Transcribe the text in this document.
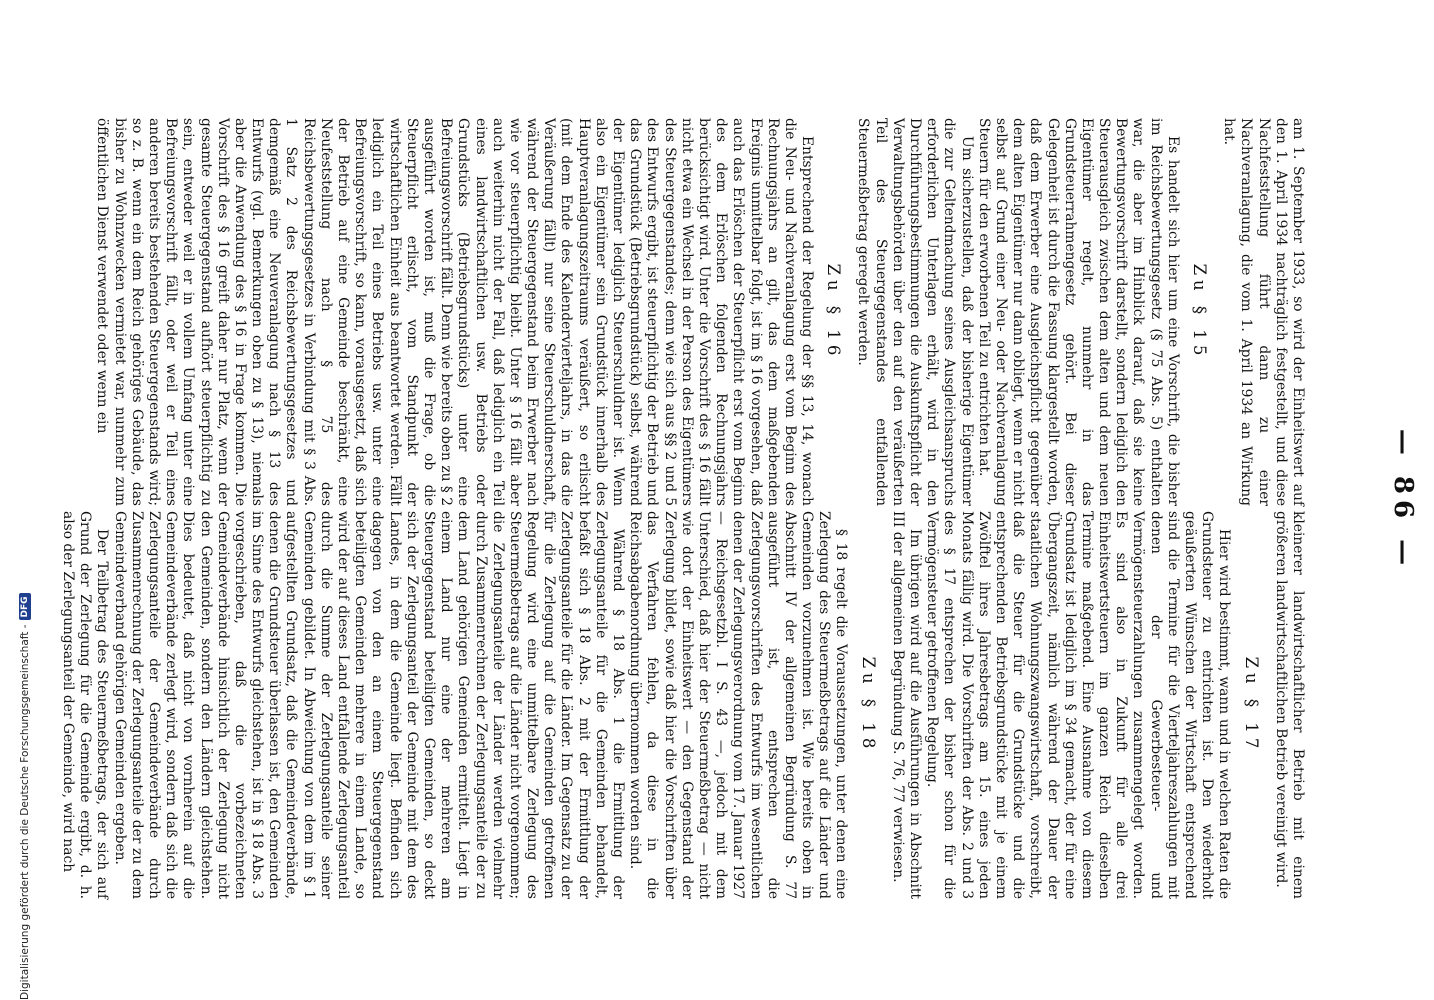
— 86 —

am 1. September 1933, so wird der Einheitswert auf den 1. April 1934 nachträglich festgestellt, und diese Nachfeststellung führt dann zu einer Nachveranlagung, die vom 1. April 1934 an Wirkung hat.

Zu § 15

Es handelt sich hier um eine Vorschrift, die bisher im Reichsbewertungsgesetz (§ 75 Abs. 5) enthalten war, die aber im Hinblick darauf, daß sie keine Bewertungsvorschrift darstellt, sondern lediglich den Steuerausgleich zwischen dem alten und dem neuen Eigentümer regelt, nunmehr in das Grundsteuerrahmengesetz gehört. Bei dieser Gelegenheit ist durch die Fassung klargestellt worden, daß dem Erwerber eine Ausgleichspflicht gegenüber dem alten Eigentümer nur dann obliegt, wenn er nicht selbst auf Grund einer Neu- oder Nachveranlagung Steuern für den erworbenen Teil zu entrichten hat.

Um sicherzustellen, daß der bisherige Eigentümer die zur Geltendmachung seines Ausgleichsanspruchs erforderlichen Unterlagen erhält, wird in den Durchführungsbestimmungen die Auskunftspflicht der Verwaltungsbehörden über den auf den veräußerten Teil des Steuergegenstandes entfallenden Steuermeßbetrag geregelt werden.

Zu § 16

Entsprechend der Regelung der §§ 13, 14, wonach die Neu- und Nachveranlagung erst vom Beginn des Rechnungsjahrs an gilt, das dem maßgebenden Ereignis unmittelbar folgt, ist im § 16 vorgesehen, daß auch das Erlöschen der Steuerpflicht erst vom Beginn des dem Erlöschen folgenden Rechnungsjahrs berücksichtigt wird. Unter die Vorschrift des § 16 fällt nicht etwa ein Wechsel in der Person des Eigentümers des Steuergegenstandes; denn wie sich aus §§ 2 und 5 des Entwurfs ergibt, ist steuerpflichtig der Betrieb und das Grundstück (Betriebsgrundstück) selbst, während der Eigentümer lediglich Steuerschuldner ist. Wenn also ein Eigentümer sein Grundstück innerhalb des Hauptveranlagungszeitraums veräußert, so erlischt (mit dem Ende des Kalendervierteljahrs, in das die Veräußerung fällt) nur seine Steuerschuldnerschaft, während der Steuergegenstand beim Erwerber nach wie vor steuerpflichtig bleibt. Unter § 16 fällt aber auch weiterhin nicht der Fall, daß lediglich ein Teil eines landwirtschaftlichen usw. Betriebs oder Grundstücks (Betriebsgrundstücks) unter eine Befreiungsvorschrift fällt. Denn wie bereits oben zu § 2 ausgeführt worden ist, muß die Frage, ob die Steuerpflicht erlischt, vom Standpunkt der wirtschaftlichen Einheit aus beantwortet werden. Fällt lediglich ein Teil eines Betriebs usw. unter eine Befreiungsvorschrift, so kann, vorausgesetzt, daß sich der Betrieb auf eine Gemeinde beschränkt, eine Neufeststellung nach § 75 des Reichsbewertungsgesetzes in Verbindung mit § 3 Abs. 1 Satz 2 des Reichsbewertungsgesetzes und demgemäß eine Neuveranlagung nach § 13 des Entwurfs (vgl. Bemerkungen oben zu § 13), niemals aber die Anwendung des § 16 in Frage kommen. Die Vorschrift des § 16 greift daher nur Platz, wenn der gesamte Steuergegenstand aufhört steuerpflichtig zu sein, entweder weil er in vollem Umfang unter eine Befreiungsvorschrift fällt, oder weil er Teil eines anderen bereits bestehenden Steuergegenstands wird; so z. B. wenn ein dem Reich gehöriges Gebäude, das bisher zu Wohnzwecken vermietet war, nunmehr zum öffentlichen Dienst verwendet oder wenn ein

kleinerer landwirtschaftlicher Betrieb mit einem größeren landwirtschaftlichen Betrieb vereinigt wird.

Zu § 17

Hier wird bestimmt, wann und in welchen Raten die Grundsteuer zu entrichten ist. Den wiederholt geäußerten Wünschen der Wirtschaft entsprechend sind die Termine für die Vierteljahreszahlungen mit denen der Gewerbesteuer- und Vermögensteuerzahlungen zusammengelegt worden. Es sind also in Zukunft für alle drei Einheitswertsteuern im ganzen Reich dieselben Termine maßgebend. Eine Ausnahme von diesem Grundsatz ist lediglich im § 34 gemacht, der für eine Übergangszeit, nämlich während der Dauer der staatlichen Wohnungszwangswirtschaft, vorschreibt, daß die Steuer für die Grundstücke und die entsprechenden Betriebsgrundstücke mit je einem Zwölftel ihres Jahresbetrags am 15. eines jeden Monats fällig wird. Die Vorschriften der Abs. 2 und 3 des § 17 entsprechen der bisher schon für die Vermögensteuer getroffenen Regelung.

Im übrigen wird auf die Ausführungen in Abschnitt III der allgemeinen Begründung S. 76, 77 verwiesen.

Zu § 18

§ 18 regelt die Voraussetzungen, unter denen eine Zerlegung des Steuermeßbetrags auf die Länder und Gemeinden vorzunehmen ist. Wie bereits oben in Abschnitt IV der allgemeinen Begründung S. 77 ausgeführt ist, entsprechen die Zerlegungsvorschriften des Entwurfs im wesentlichen denen der Zerlegungsverordnung vom 17. Januar 1927 — Reichsgesetzbl. I S. 43 —, jedoch mit dem Unterschied, daß hier der Steuermeßbetrag — nicht wie dort der Einheitswert — den Gegenstand der Zerlegung bildet, sowie daß hier die Vorschriften über das Verfahren fehlen, da diese in die Reichsabgabenordnung übernommen worden sind.

Während § 18 Abs. 1 die Ermittlung der Zerlegungsanteile für die Gemeinden behandelt, befaßt sich § 18 Abs. 2 mit der Ermittlung der Zerlegungsanteile für die Länder. Im Gegensatz zu der für die Zerlegung auf die Gemeinden getroffenen Regelung wird eine unmittelbare Zerlegung des Steuermeßbetrags auf die Länder nicht vorgenommen; die Zerlegungsanteile der Länder werden vielmehr durch Zusammenrechnen der Zerlegungsanteile der zu dem Land gehörigen Gemeinden ermittelt. Liegt in einem Land nur eine der mehreren am Steuergegenstand beteiligten Gemeinden, so deckt sich der Zerlegungsanteil der Gemeinde mit dem des Landes, in dem die Gemeinde liegt. Befinden sich dagegen von den an einem Steuergegenstand beteiligten Gemeinden mehrere in einem Lande, so wird der auf dieses Land entfallende Zerlegungsanteil durch die Summe der Zerlegungsanteile seiner Gemeinden gebildet. In Abweichung von dem im § 1 aufgestellten Grundsatz, daß die Gemeindeverbände, denen die Grundsteuer überlassen ist, den Gemeinden im Sinne des Entwurfs gleichstehen, ist in § 18 Abs. 3 vorgeschrieben, daß die vorbezeichneten Gemeindeverbände hinsichtlich der Zerlegung nicht den Gemeinden, sondern den Ländern gleichstehen. Dies bedeutet, daß nicht von vornherein auf die Gemeindeverbände zerlegt wird, sondern daß sich die Zerlegungsanteile der Gemeindeverbände durch Zusammenrechnung der Zerlegungsanteile der zu dem Gemeindeverband gehörigen Gemeinden ergeben.

Der Teilbetrag des Steuermeßbetrags, der sich auf Grund der Zerlegung für die Gemeinde ergibt, d. h. also der Zerlegungsanteil der Gemeinde, wird nach

Digitalisierung gefördert durch die Deutsche Forschungsgemeinschaft -
DFG
